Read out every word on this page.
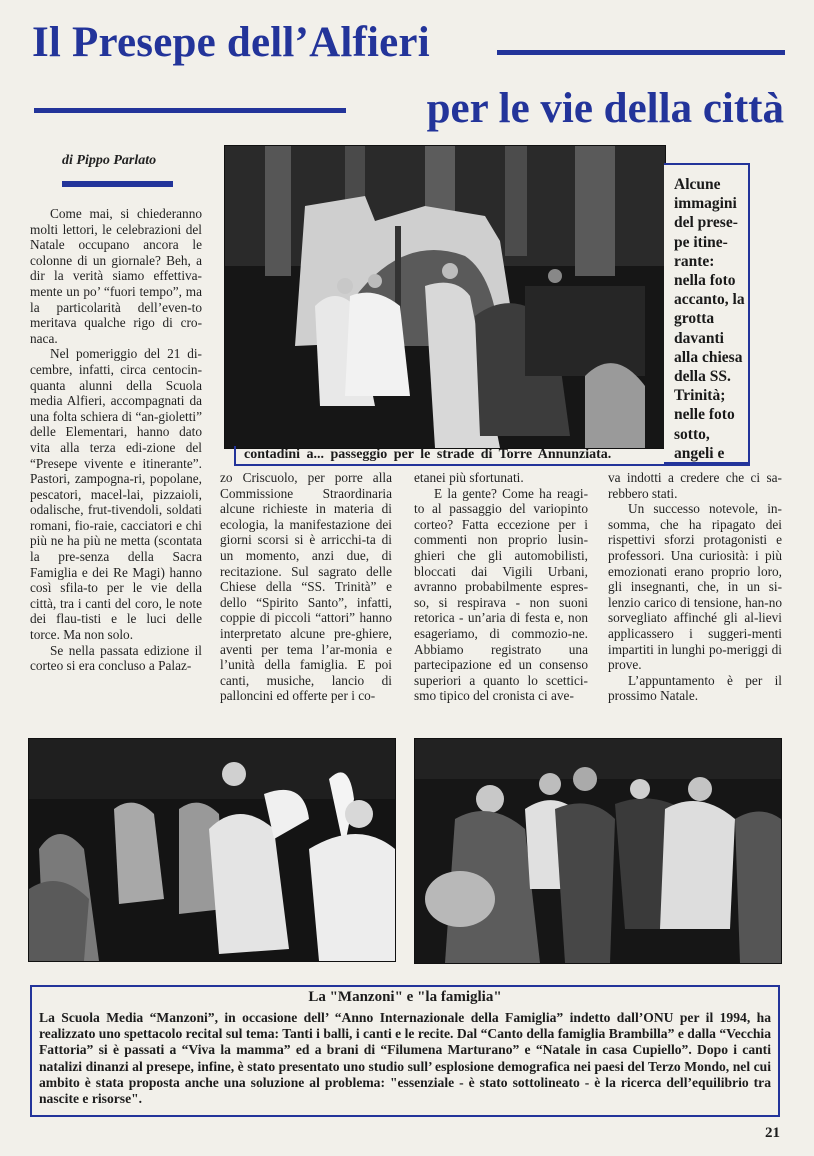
Il Presepe dell’Alfieri
per le vie della città
di Pippo Parlato
Alcune immagini del prese-pe itine-rante: nella foto accanto, la grotta davanti alla chiesa della SS. Trinità; nelle foto sotto, angeli e
contadini a... passeggio per le strade di Torre Annunziata.

Come mai, si chiederanno molti lettori, le celebrazioni del Natale occupano ancora le colonne di un giornale? Beh, a dir la verità siamo effettiva-mente un po’ “fuori tempo”, ma la particolarità dell’even-to meritava qualche rigo di cro-naca.

Nel pomeriggio del 21 di-cembre, infatti, circa centocin-quanta alunni della Scuola media Alfieri, accompagnati da una folta schiera di “an-gioletti” delle Elementari, hanno dato vita alla terza edi-zione del “Presepe vivente e itinerante”. Pastori, zampogna-ri, popolane, pescatori, macel-lai, pizzaioli, odalische, frut-tivendoli, soldati romani, fio-raie, cacciatori e chi più ne ha più ne metta (scontata la pre-senza della Sacra Famiglia e dei Re Magi) hanno così sfila-to per le vie della città, tra i canti del coro, le note dei flau-tisti e le luci delle torce. Ma non solo.

Se nella passata edizione il corteo si era concluso a Palaz-

zo Criscuolo, per porre alla Commissione Straordinaria alcune richieste in materia di ecologia, la manifestazione dei giorni scorsi si è arricchi-ta di un momento, anzi due, di recitazione. Sul sagrato delle Chiese della “SS. Trinità” e dello “Spirito Santo”, infatti, coppie di piccoli “attori” hanno interpretato alcune pre-ghiere, aventi per tema l’ar-monia e l’unità della famiglia. E poi canti, musiche, lancio di palloncini ed offerte per i co-

etanei più sfortunati.

E la gente? Come ha reagi-to al passaggio del variopinto corteo? Fatta eccezione per i commenti non proprio lusin-ghieri che gli automobilisti, bloccati dai Vigili Urbani, avranno probabilmente espres-so, si respirava - non suoni retorica - un’aria di festa e, non esageriamo, di commozio-ne. Abbiamo registrato una partecipazione ed un consenso superiori a quanto lo scettici-smo tipico del cronista ci ave-

va indotti a credere che ci sa-rebbero stati.

Un successo notevole, in-somma, che ha ripagato dei rispettivi sforzi protagonisti e professori. Una curiosità: i più emozionati erano proprio loro, gli insegnanti, che, in un si-lenzio carico di tensione, han-no sorvegliato affinché gli al-lievi applicassero i suggeri-menti impartiti in lunghi po-meriggi di prove.

L’appuntamento è per il prossimo Natale.

La "Manzoni" e "la famiglia"

La Scuola Media “Manzoni”, in occasione dell’ “Anno Internazionale della Famiglia” indetto dall’ONU per il 1994, ha realizzato uno spettacolo recital sul tema: Tanti i balli, i canti e le recite. Dal “Canto della famiglia Brambilla” e dalla “Vecchia Fattoria” si è passati a “Viva la mamma” ed a brani di “Filumena Marturano” e “Natale in casa Cupiello”. Dopo i canti natalizi dinanzi al presepe, infine, è stato presentato uno studio sull’ esplosione demografica nei paesi del Terzo Mondo, nel cui ambito è stata proposta anche una soluzione al problema: "essenziale - è stato sottolineato - è la ricerca dell’equilibrio tra nascite e risorse".

21
